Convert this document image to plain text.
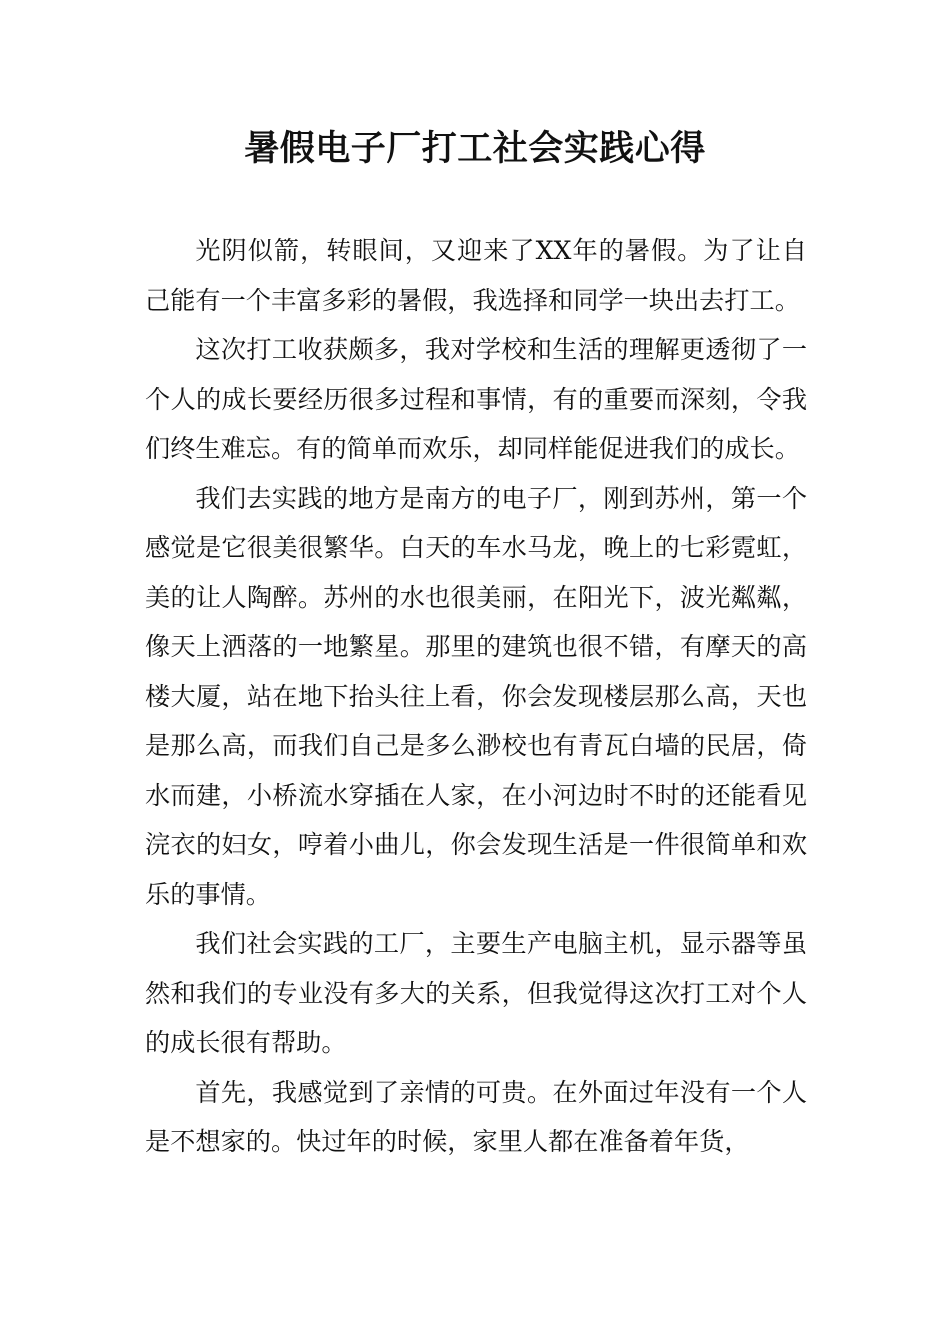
暑假电子厂打工社会实践心得

光阴似箭，转眼间，又迎来了XX年的暑假。为了让自己能有一个丰富多彩的暑假，我选择和同学一块出去打工。

这次打工收获颇多，我对学校和生活的理解更透彻了一个人的成长要经历很多过程和事情，有的重要而深刻，令我们终生难忘。有的简单而欢乐，却同样能促进我们的成长。

我们去实践的地方是南方的电子厂，刚到苏州，第一个感觉是它很美很繁华。白天的车水马龙，晚上的七彩霓虹，美的让人陶醉。苏州的水也很美丽，在阳光下，波光粼粼，像天上洒落的一地繁星。那里的建筑也很不错，有摩天的高楼大厦，站在地下抬头往上看，你会发现楼层那么高，天也是那么高，而我们自己是多么渺校也有青瓦白墙的民居，倚水而建，小桥流水穿插在人家，在小河边时不时的还能看见浣衣的妇女，哼着小曲儿，你会发现生活是一件很简单和欢乐的事情。

我们社会实践的工厂，主要生产电脑主机，显示器等虽然和我们的专业没有多大的关系，但我觉得这次打工对个人的成长很有帮助。

首先，我感觉到了亲情的可贵。在外面过年没有一个人是不想家的。快过年的时候，家里人都在准备着年货，
